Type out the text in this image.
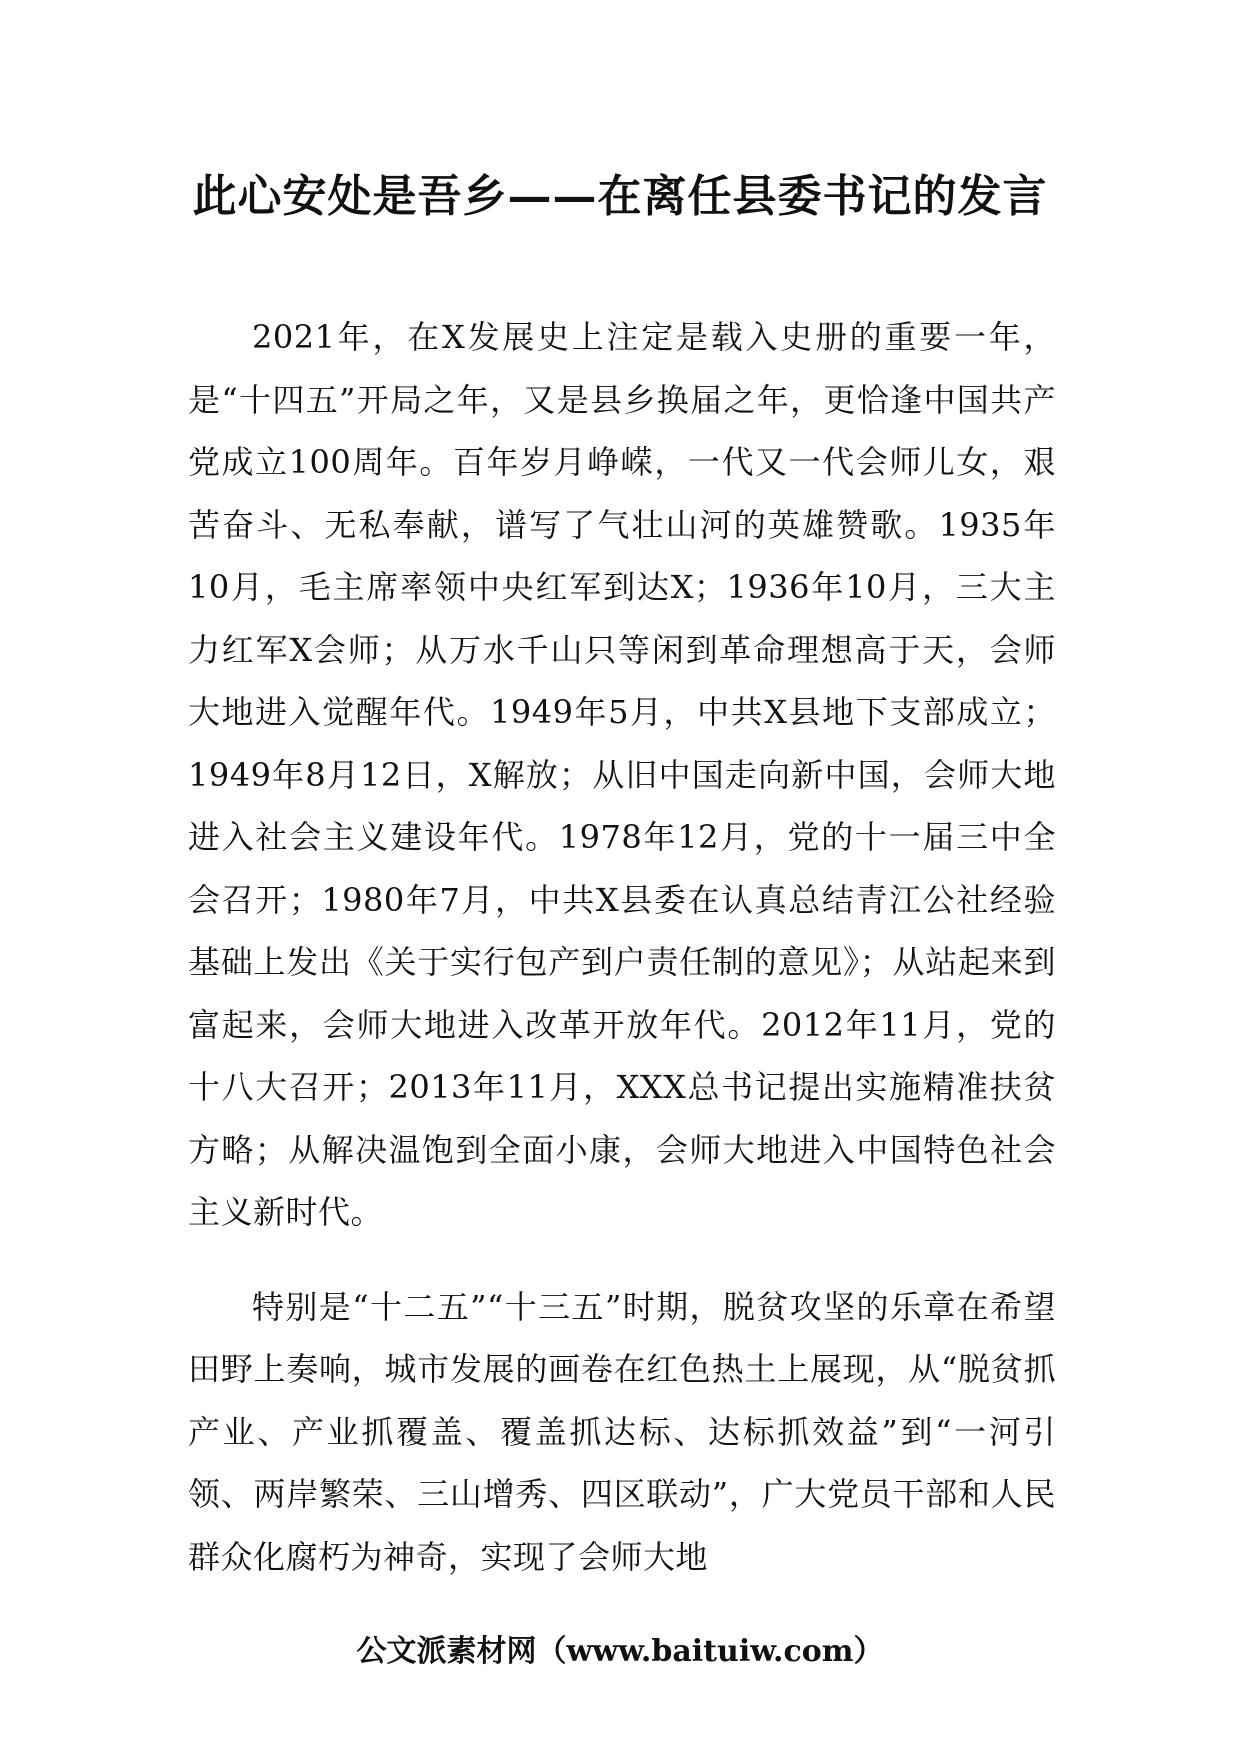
此心安处是吾乡——在离任县委书记的发言

2021年，在X发展史上注定是载入史册的重要一年，是“十四五”开局之年，又是县乡换届之年，更恰逢中国共产党成立100周年。百年岁月峥嵘，一代又一代会师儿女，艰苦奋斗、无私奉献，谱写了气壮山河的英雄赞歌。1935年10月，毛主席率领中央红军到达X；1936年10月，三大主力红军X会师；从万水千山只等闲到革命理想高于天，会师大地进入觉醒年代。1949年5月，中共X县地下支部成立；1949年8月12日，X解放；从旧中国走向新中国，会师大地进入社会主义建设年代。1978年12月，党的十一届三中全会召开；1980年7月，中共X县委在认真总结青江公社经验基础上发出《关于实行包产到户责任制的意见》；从站起来到富起来，会师大地进入改革开放年代。2012年11月，党的十八大召开；2013年11月，XXX总书记提出实施精准扶贫方略；从解决温饱到全面小康，会师大地进入中国特色社会主义新时代。

特别是“十二五”“十三五”时期，脱贫攻坚的乐章在希望田野上奏响，城市发展的画卷在红色热土上展现，从“脱贫抓产业、产业抓覆盖、覆盖抓达标、达标抓效益”到“一河引领、两岸繁荣、三山增秀、四区联动”，广大党员干部和人民群众化腐朽为神奇，实现了会师大地

公文派素材网（www.baituiw.com）
